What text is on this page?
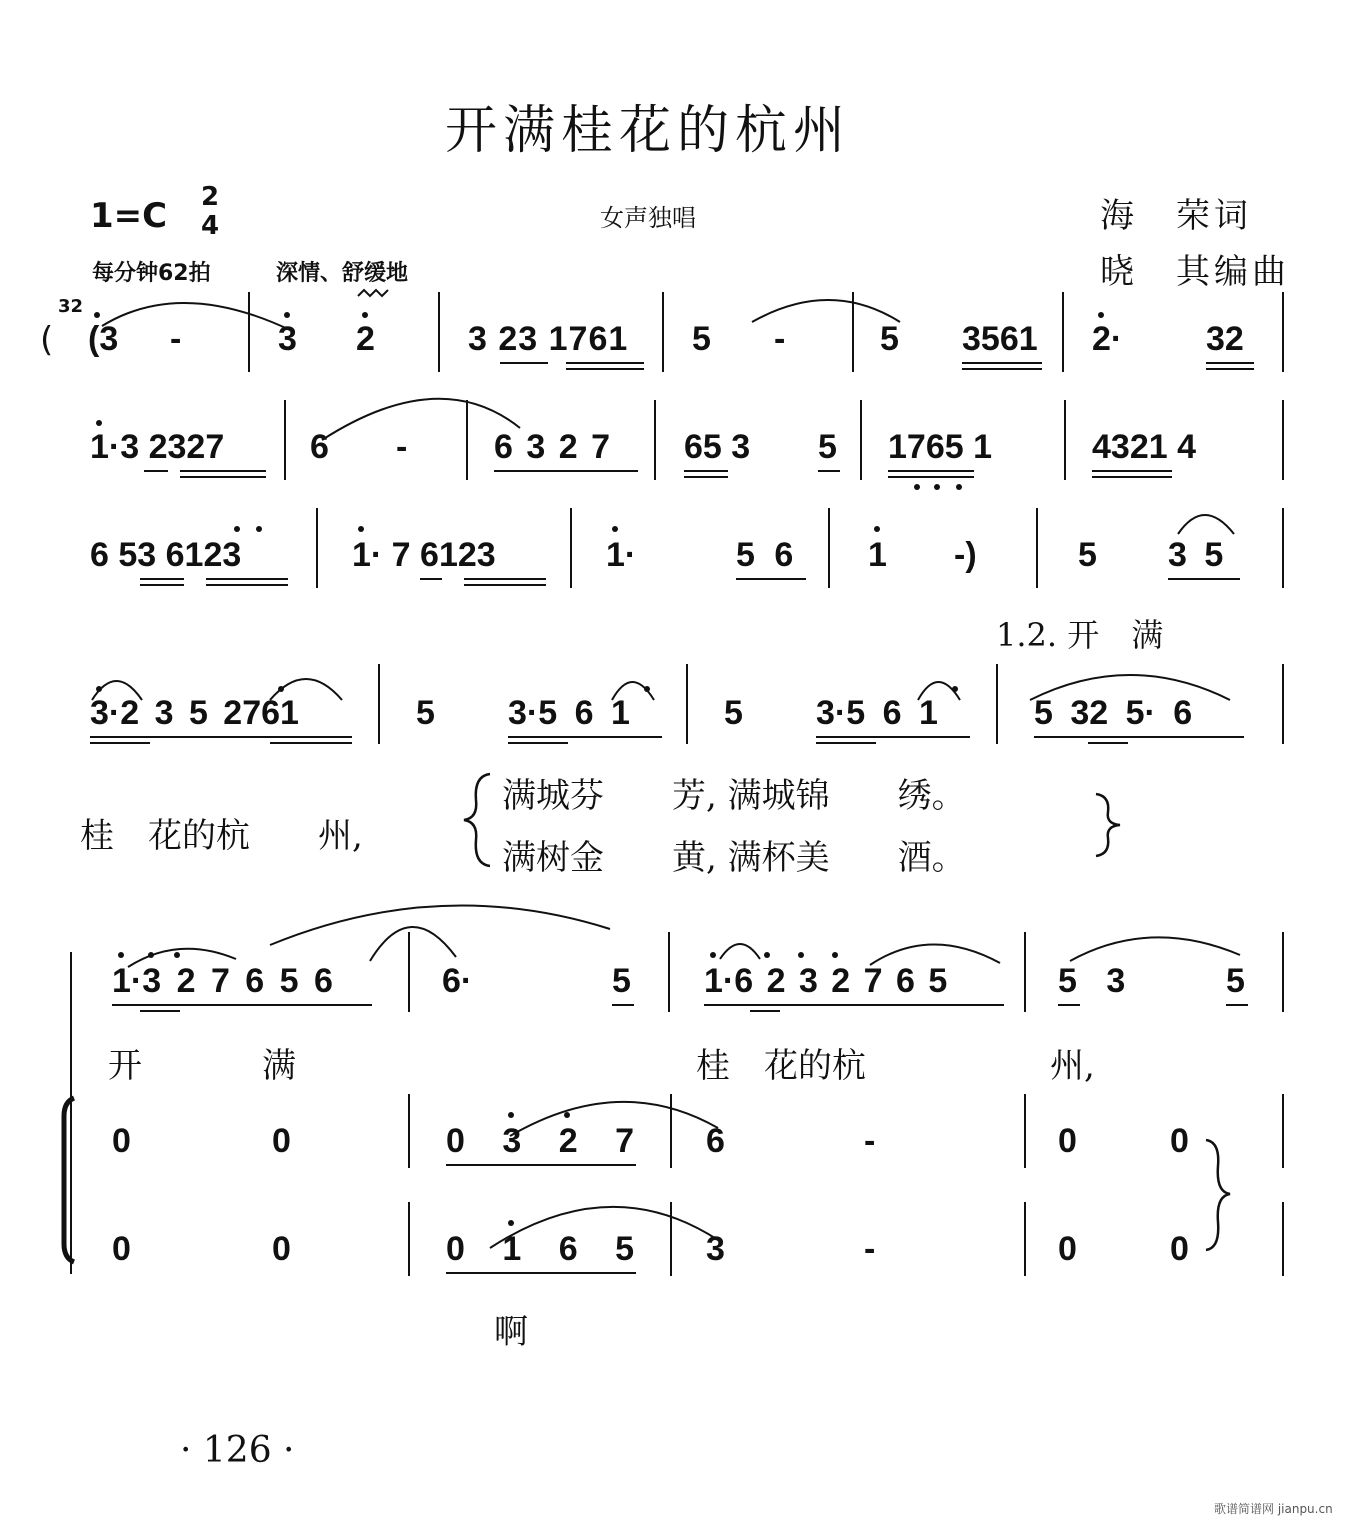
开满桂花的杭州
1=C 2
4	女声独唱	海　荣词
每分钟62拍	深情、舒缓地	晓　其编曲
32
( (3 -	3 2	3 23 1761 5 -	5 3561 2· 32
1·3 2327	6 -	6 3 2 7 65 3 5 1765 1	4321 4
6 53 6123	1· 7 6123	1·	5 6 1 -)	5 3 5
1.2. 开　满
3·2 3 5 2761	5 3·5 6 1	5 3·5 6 1	5 32 5· 6
桂　花的杭　　州,
满城芬　　芳, 满城锦　　绣。
满树金　　黄, 满杯美　　酒。
1·3 2 7 6 5 6	6·	5 1·6 2 3 2 7 6 5	5 3	5
开	满	桂　花的杭	州,
0	0	0 3 2 7 6	-	0	0
0	0	0 1 6 5 3	-	0	0
啊
· 126 ·
歌谱简谱网 jianpu.cn
